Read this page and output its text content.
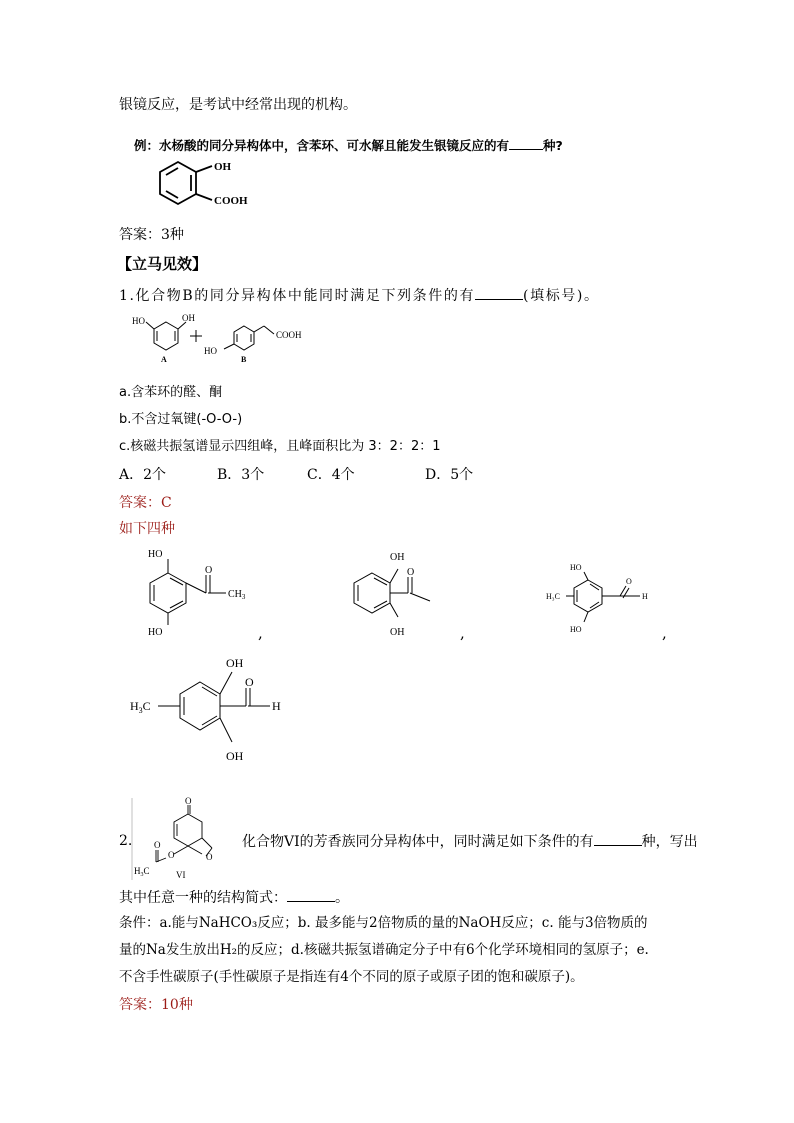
银镜反应，是考试中经常出现的机构。
例：水杨酸的同分异构体中，含苯环、可水解且能发生银镜反应的有	种?
OH
COOH
答案：3种
【立马见效】
1.化合物B的同分异构体中能同时满足下列条件的有	(填标号)。
HO	OH
A
HO
B
COOH
a.含苯环的醛、酮
b.不含过氧键(-O-O-)
c.核磁共振氢谱显示四组峰，且峰面积比为 3：2：2：1
A．2个	B．3个	C．4个	D．5个
答案：C
如下四种
HO
O
$CH_3$
HO	,
OH
O
OH	,
HO
H₃C
O
H
HO	,
OH
O
$H_3C$	H
OH
2.
O
O
O
O
$H_3C$	VI
化合物VI的芳香族同分异构体中，同时满足如下条件的有	种，写出
其中任意一种的结构简式：	。
条件：a.能与NaHCO₃反应；b. 最多能与2倍物质的量的NaOH反应；c. 能与3倍物质的
量的Na发生放出H₂的反应；d.核磁共振氢谱确定分子中有6个化学环境相同的氢原子；e.
不含手性碳原子(手性碳原子是指连有4个不同的原子或原子团的饱和碳原子)。
答案：10种
